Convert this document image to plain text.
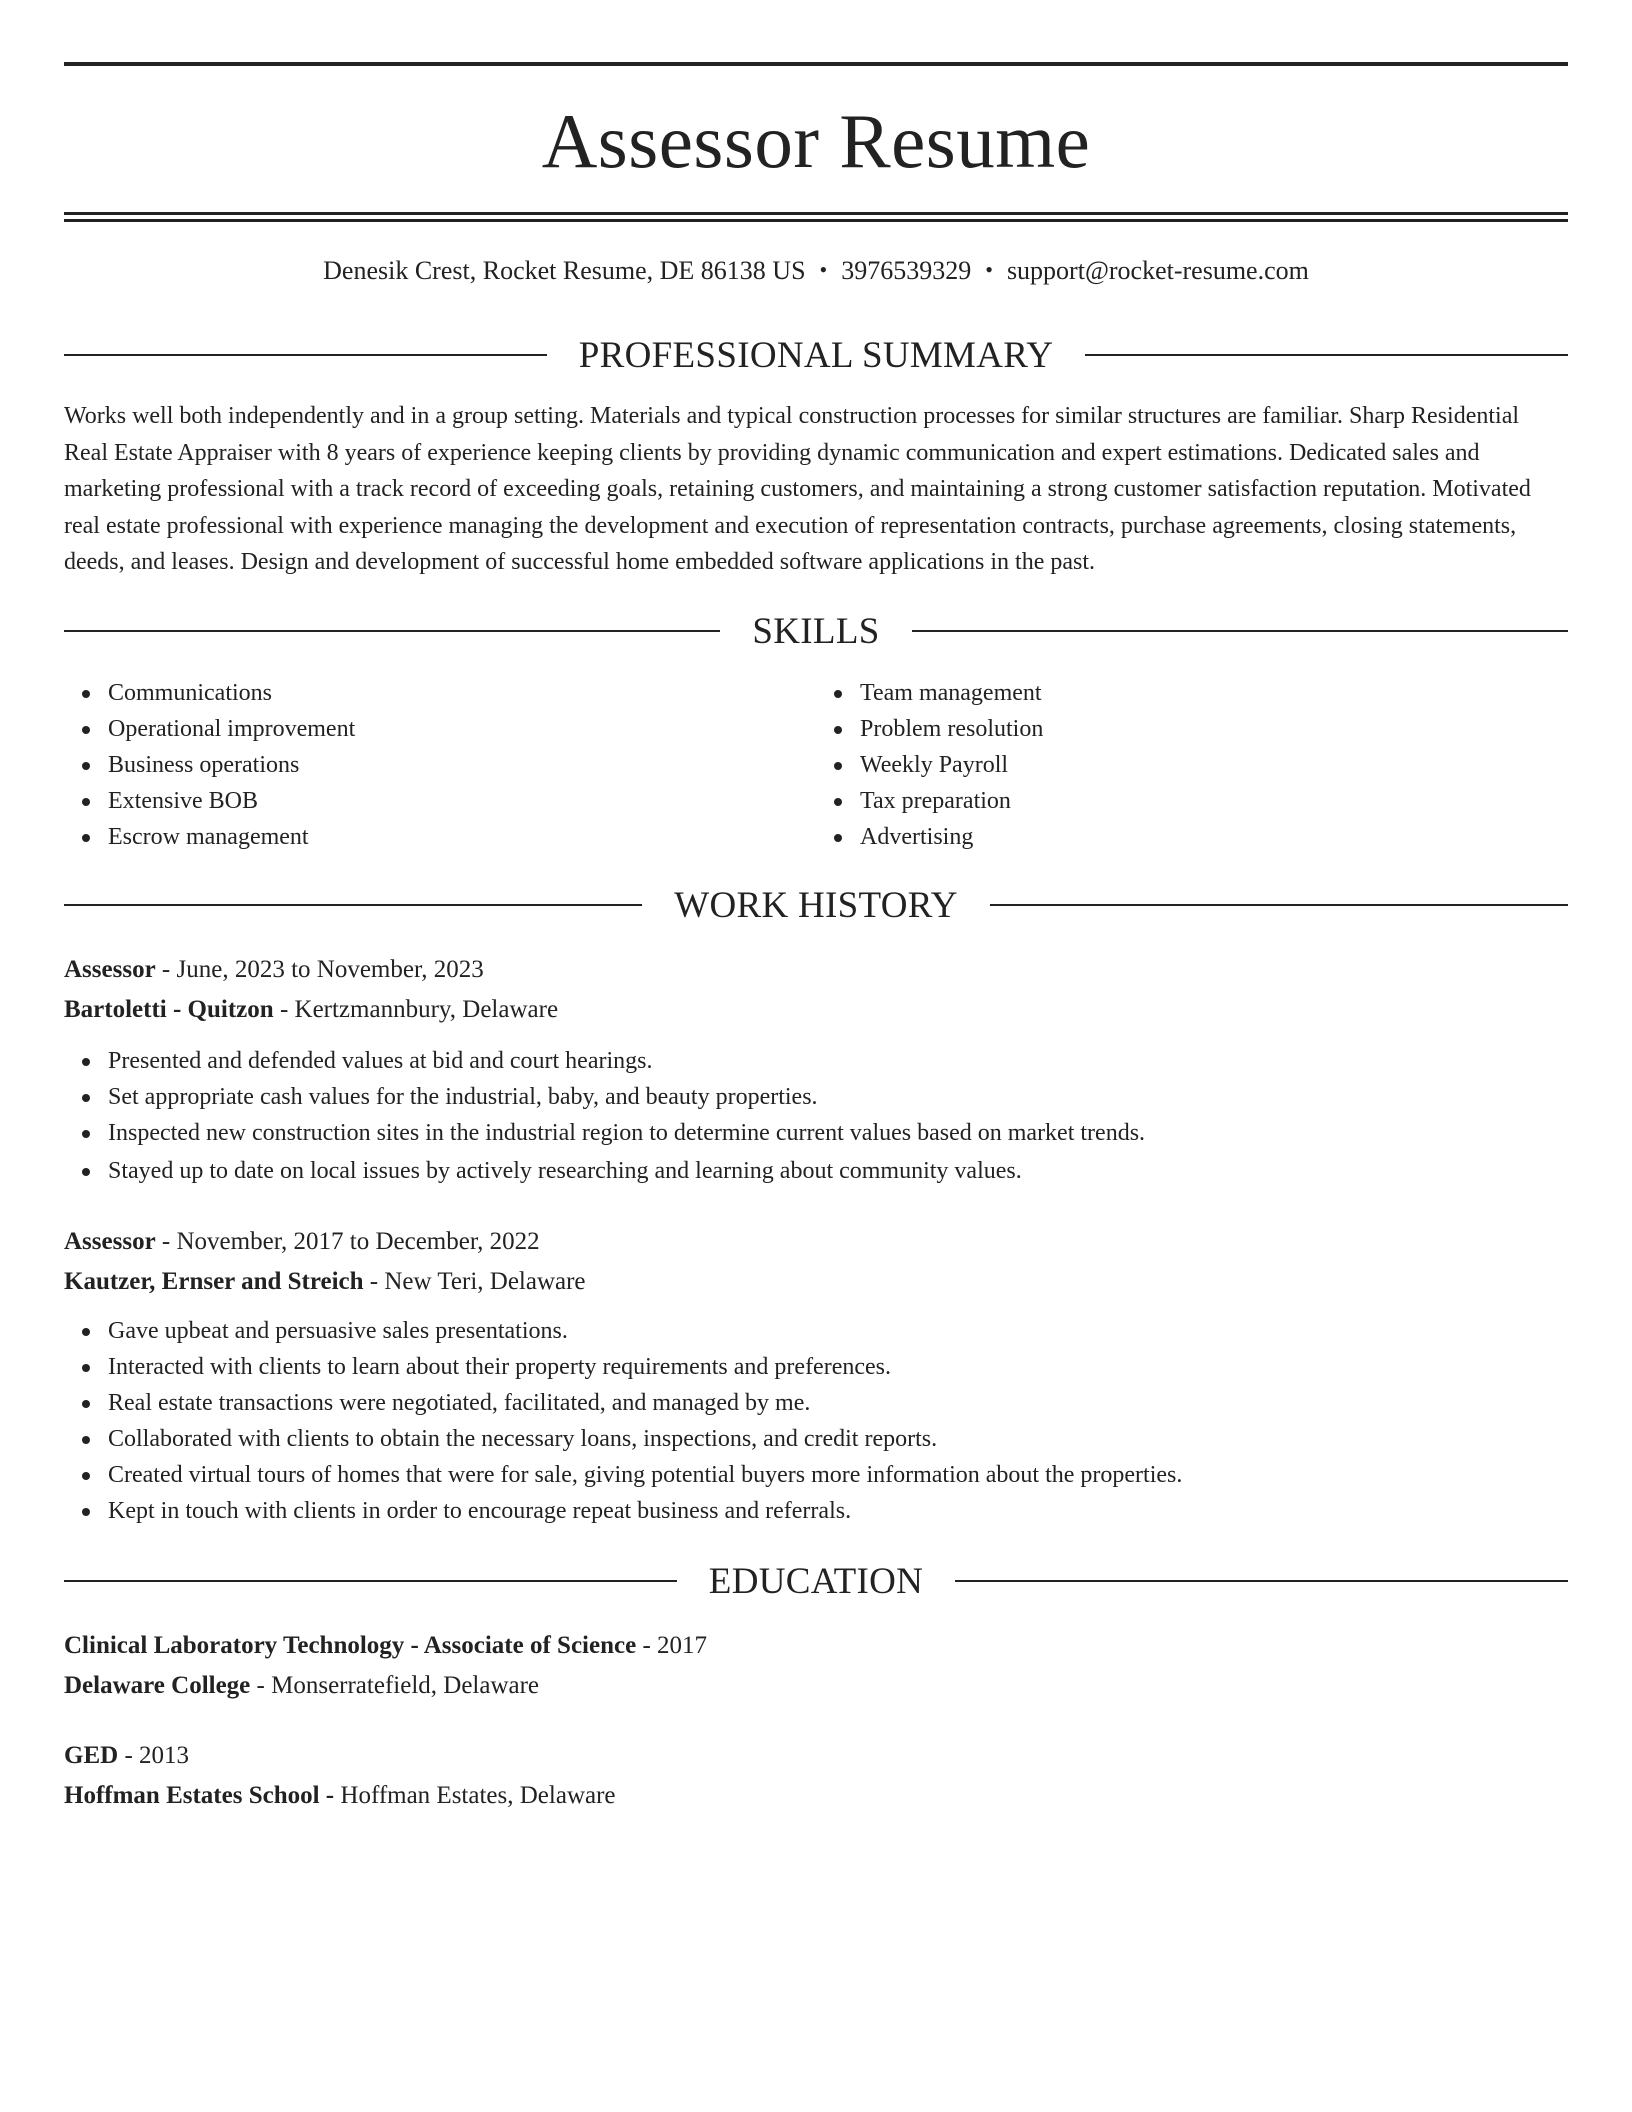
Assessor Resume
Denesik Crest, Rocket Resume, DE 86138 US • 3976539329 • support@rocket-resume.com
PROFESSIONAL SUMMARY

Works well both independently and in a group setting. Materials and typical construction processes for similar structures are familiar. Sharp Residential Real Estate Appraiser with 8 years of experience keeping clients by providing dynamic communication and expert estimations. Dedicated sales and marketing professional with a track record of exceeding goals, retaining customers, and maintaining a strong customer satisfaction reputation. Motivated real estate professional with experience managing the development and execution of representation contracts, purchase agreements, closing statements, deeds, and leases. Design and development of successful home embedded software applications in the past.

SKILLS
Communications
Operational improvement
Business operations
Extensive BOB
Escrow management
Team management
Problem resolution
Weekly Payroll
Tax preparation
Advertising
WORK HISTORY
Assessor - June, 2023 to November, 2023
Bartoletti - Quitzon - Kertzmannbury, Delaware
Presented and defended values at bid and court hearings.
Set appropriate cash values for the industrial, baby, and beauty properties.
Inspected new construction sites in the industrial region to determine current values based on market trends.
Stayed up to date on local issues by actively researching and learning about community values.
Assessor - November, 2017 to December, 2022
Kautzer, Ernser and Streich - New Teri, Delaware
Gave upbeat and persuasive sales presentations.
Interacted with clients to learn about their property requirements and preferences.
Real estate transactions were negotiated, facilitated, and managed by me.
Collaborated with clients to obtain the necessary loans, inspections, and credit reports.
Created virtual tours of homes that were for sale, giving potential buyers more information about the properties.
Kept in touch with clients in order to encourage repeat business and referrals.
EDUCATION
Clinical Laboratory Technology - Associate of Science - 2017
Delaware College - Monserratefield, Delaware
GED - 2013
Hoffman Estates School - Hoffman Estates, Delaware
